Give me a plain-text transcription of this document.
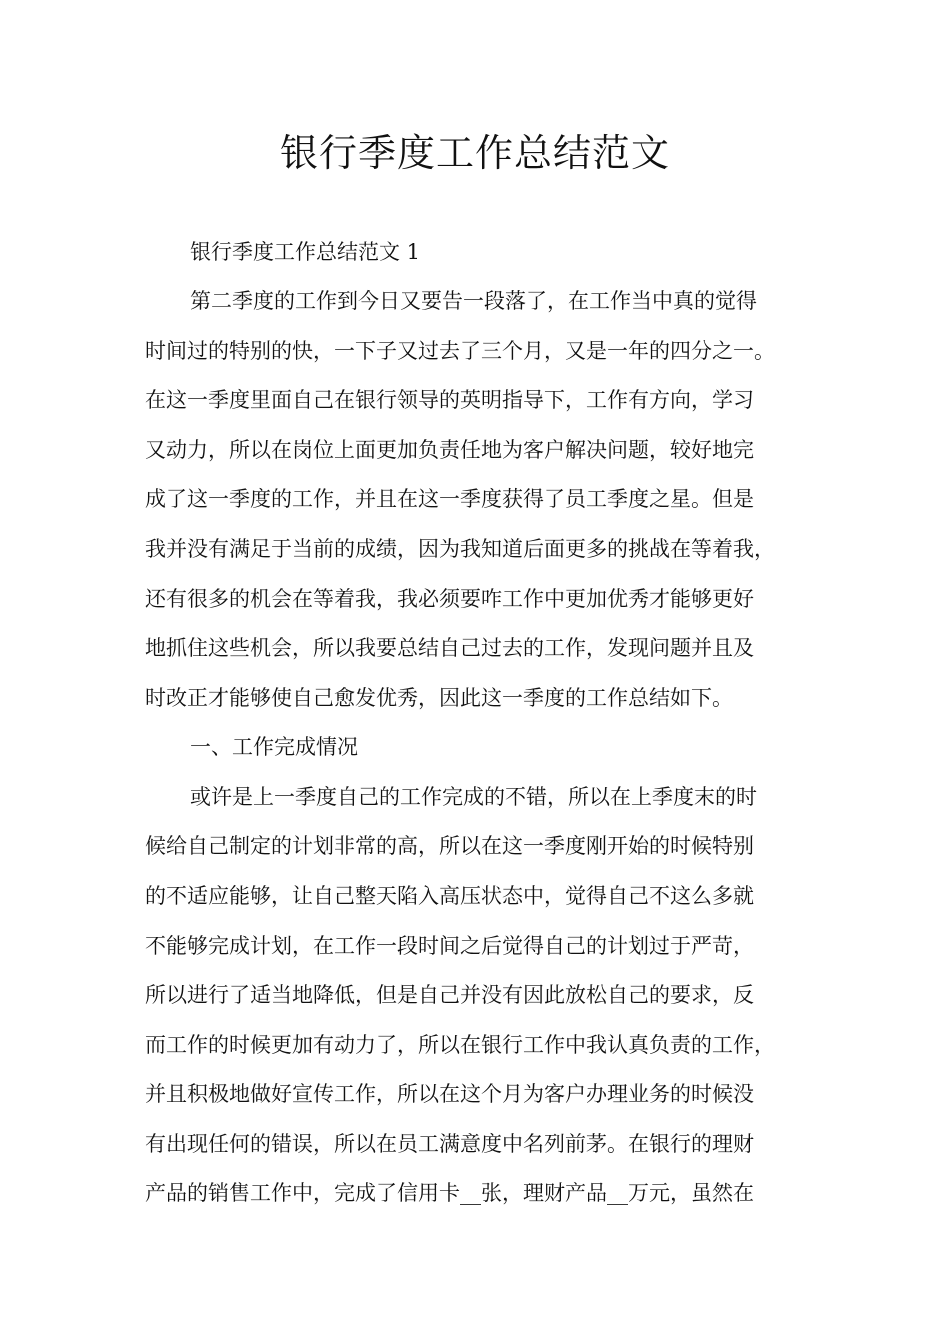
银行季度工作总结范文
银行季度工作总结范文 1
第二季度的工作到今日又要告一段落了，在工作当中真的觉得
时间过的特别的快，一下子又过去了三个月，又是一年的四分之一。
在这一季度里面自己在银行领导的英明指导下，工作有方向，学习
又动力，所以在岗位上面更加负责任地为客户解决问题，较好地完
成了这一季度的工作，并且在这一季度获得了员工季度之星。但是
我并没有满足于当前的成绩，因为我知道后面更多的挑战在等着我，
还有很多的机会在等着我，我必须要咋工作中更加优秀才能够更好
地抓住这些机会，所以我要总结自己过去的工作，发现问题并且及
时改正才能够使自己愈发优秀，因此这一季度的工作总结如下。
一、工作完成情况
或许是上一季度自己的工作完成的不错，所以在上季度末的时
候给自己制定的计划非常的高，所以在这一季度刚开始的时候特别
的不适应能够，让自己整天陷入高压状态中，觉得自己不这么多就
不能够完成计划，在工作一段时间之后觉得自己的计划过于严苛，
所以进行了适当地降低，但是自己并没有因此放松自己的要求，反
而工作的时候更加有动力了，所以在银行工作中我认真负责的工作，
并且积极地做好宣传工作，所以在这个月为客户办理业务的时候没
有出现任何的错误，所以在员工满意度中名列前茅。在银行的理财
产品的销售工作中，完成了信用卡__张，理财产品__万元，虽然在
